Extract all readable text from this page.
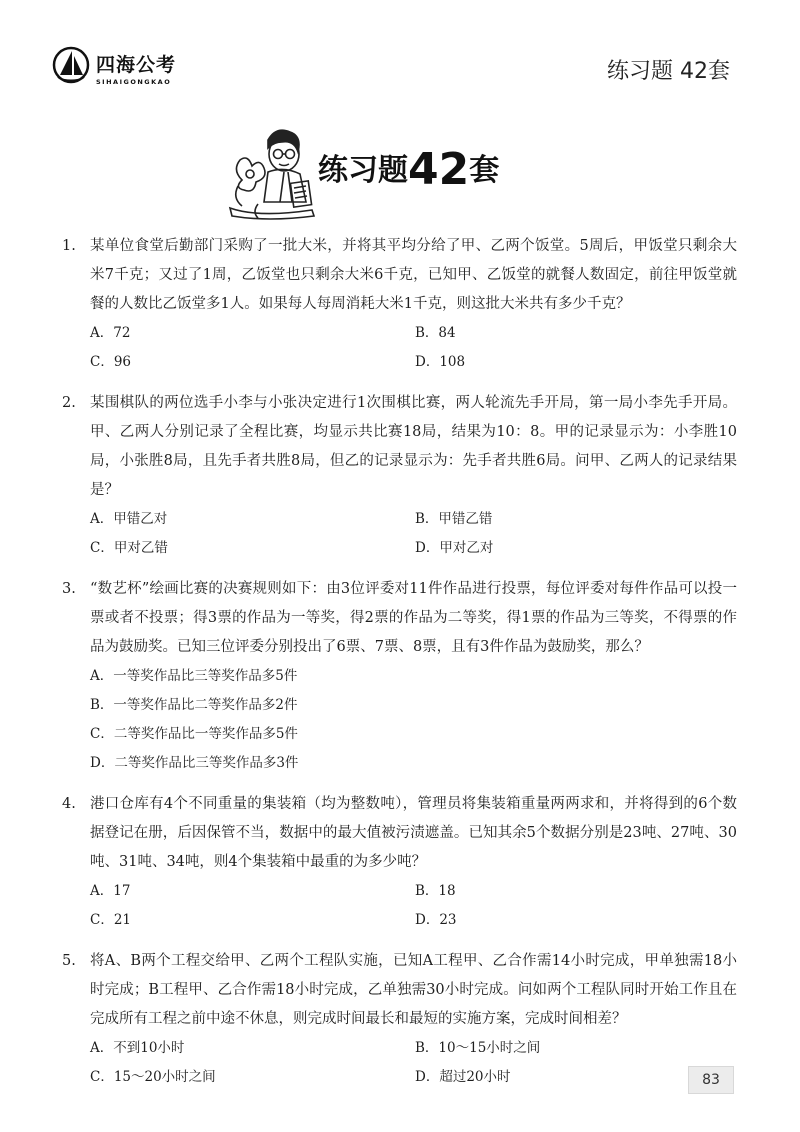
四海公考
SIHAIGONGKAO	练习题 42套
练习题42套
1. 某单位食堂后勤部门采购了一批大米，并将其平均分给了甲、乙两个饭堂。5周后，甲饭堂只剩余大米7千克；又过了1周，乙饭堂也只剩余大米6千克，已知甲、乙饭堂的就餐人数固定，前往甲饭堂就餐的人数比乙饭堂多1人。如果每人每周消耗大米1千克，则这批大米共有多少千克？
A．72	B．84
C．96	D．108
2. 某围棋队的两位选手小李与小张决定进行1次围棋比赛，两人轮流先手开局，第一局小李先手开局。甲、乙两人分别记录了全程比赛，均显示共比赛18局，结果为10：8。甲的记录显示为：小李胜10局，小张胜8局，且先手者共胜8局，但乙的记录显示为：先手者共胜6局。问甲、乙两人的记录结果是？
A．甲错乙对	B．甲错乙错
C．甲对乙错	D．甲对乙对
3. “数艺杯”绘画比赛的决赛规则如下：由3位评委对11件作品进行投票，每位评委对每件作品可以投一票或者不投票；得3票的作品为一等奖，得2票的作品为二等奖，得1票的作品为三等奖，不得票的作品为鼓励奖。已知三位评委分别投出了6票、7票、8票，且有3件作品为鼓励奖，那么？
A．一等奖作品比三等奖作品多5件
B．一等奖作品比二等奖作品多2件
C．二等奖作品比一等奖作品多5件
D．二等奖作品比三等奖作品多3件
4. 港口仓库有4个不同重量的集装箱（均为整数吨），管理员将集装箱重量两两求和，并将得到的6个数据登记在册，后因保管不当，数据中的最大值被污渍遮盖。已知其余5个数据分别是23吨、27吨、30吨、31吨、34吨，则4个集装箱中最重的为多少吨？
A．17	B．18
C．21	D．23
5. 将A、B两个工程交给甲、乙两个工程队实施，已知A工程甲、乙合作需14小时完成，甲单独需18小时完成；B工程甲、乙合作需18小时完成，乙单独需30小时完成。问如两个工程队同时开始工作且在完成所有工程之前中途不休息，则完成时间最长和最短的实施方案，完成时间相差？
A．不到10小时	B．10～15小时之间
C．15～20小时之间	D．超过20小时	83
